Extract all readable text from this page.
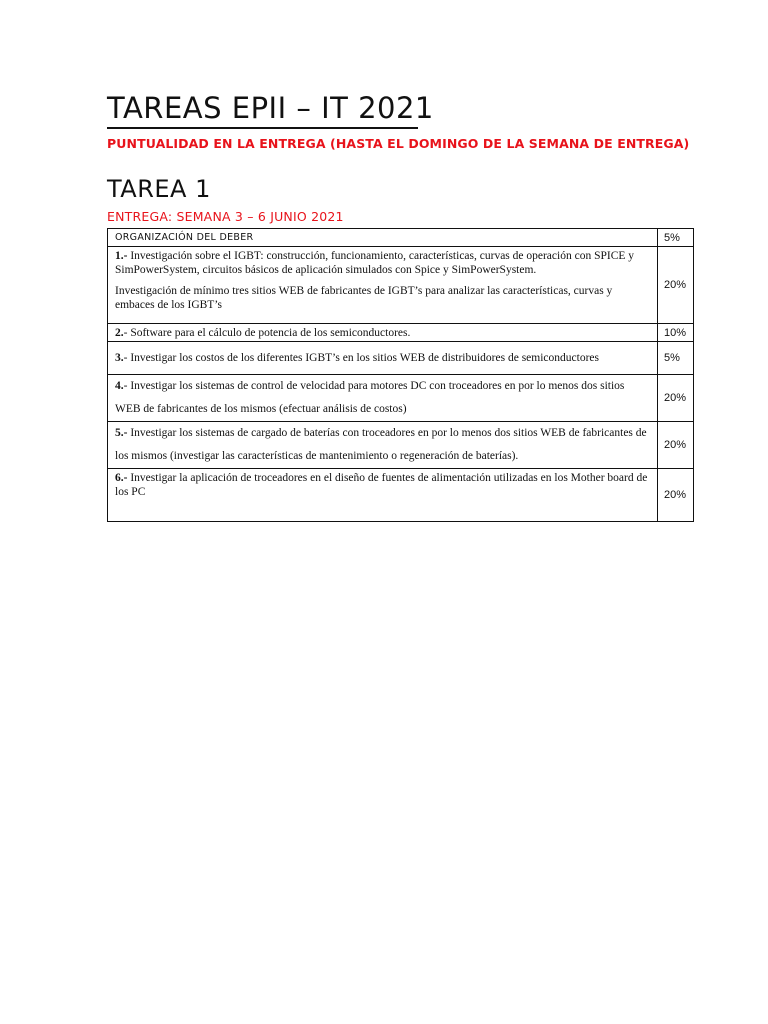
TAREAS EPII – IT 2021
PUNTUALIDAD EN LA ENTREGA (HASTA EL DOMINGO DE LA SEMANA DE ENTREGA)
TAREA 1
ENTREGA: SEMANA 3 – 6 JUNIO 2021
ORGANIZACIÓN DEL DEBER	5%

1.- Investigación sobre el IGBT: construcción, funcionamiento, características, curvas de operación con SPICE y SimPowerSystem, circuitos básicos de aplicación simulados con Spice y SimPowerSystem.

Investigación de mínimo tres sitios WEB de fabricantes de IGBT’s para analizar las características, curvas y embaces de los IGBT’s	20%

2.- Software para el cálculo de potencia de los semiconductores.	10%

3.- Investigar los costos de los diferentes IGBT’s en los sitios WEB de distribuidores de semiconductores	5%

4.- Investigar los sistemas de control de velocidad para motores DC con troceadores en por lo menos dos sitios WEB de fabricantes de los mismos (efectuar análisis de costos)	20%

5.- Investigar los sistemas de cargado de baterías con troceadores en por lo menos dos sitios WEB de fabricantes de los mismos (investigar las características de mantenimiento o regeneración de baterías).	20%

6.- Investigar la aplicación de troceadores en el diseño de fuentes de alimentación utilizadas en los Mother board de los PC	20%
